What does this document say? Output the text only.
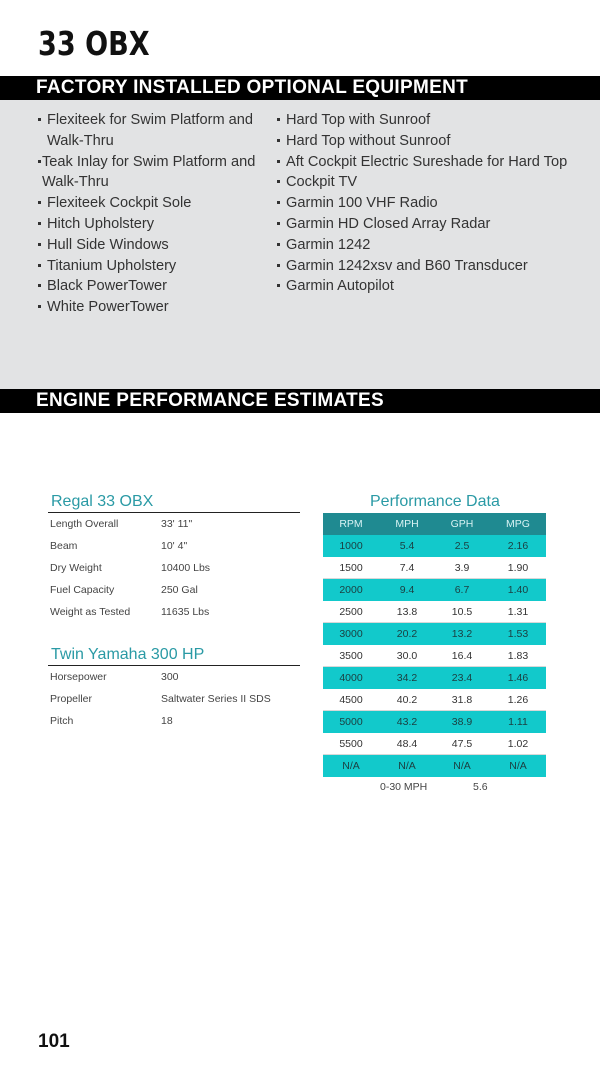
33 OBX
FACTORY INSTALLED OPTIONAL EQUIPMENT
Flexiteek for Swim Platform and Walk-Thru
Teak Inlay for Swim Platform and Walk-Thru
Flexiteek Cockpit Sole
Hitch Upholstery
Hull Side Windows
Titanium Upholstery
Black PowerTower
White PowerTower
Hard Top with Sunroof
Hard Top without Sunroof
Aft Cockpit Electric Sureshade for Hard Top
Cockpit TV
Garmin 100 VHF Radio
Garmin HD Closed Array Radar
Garmin 1242
Garmin 1242xsv and B60 Transducer
Garmin Autopilot
ENGINE PERFORMANCE ESTIMATES
Regal 33 OBX
Length Overall	33' 11"
Beam	10' 4"
Dry Weight	10400 Lbs
Fuel Capacity	250 Gal
Weight as Tested	11635 Lbs
Twin Yamaha 300 HP
Horsepower	300
Propeller	Saltwater Series II SDS
Pitch	18
Performance Data
RPM	MPH	GPH	MPG
1000	5.4	2.5	2.16
1500	7.4	3.9	1.90
2000	9.4	6.7	1.40
2500	13.8	10.5	1.31
3000	20.2	13.2	1.53
3500	30.0	16.4	1.83
4000	34.2	23.4	1.46
4500	40.2	31.8	1.26
5000	43.2	38.9	1.11
5500	48.4	47.5	1.02
N/A	N/A	N/A	N/A
0-30 MPH	5.6
101
